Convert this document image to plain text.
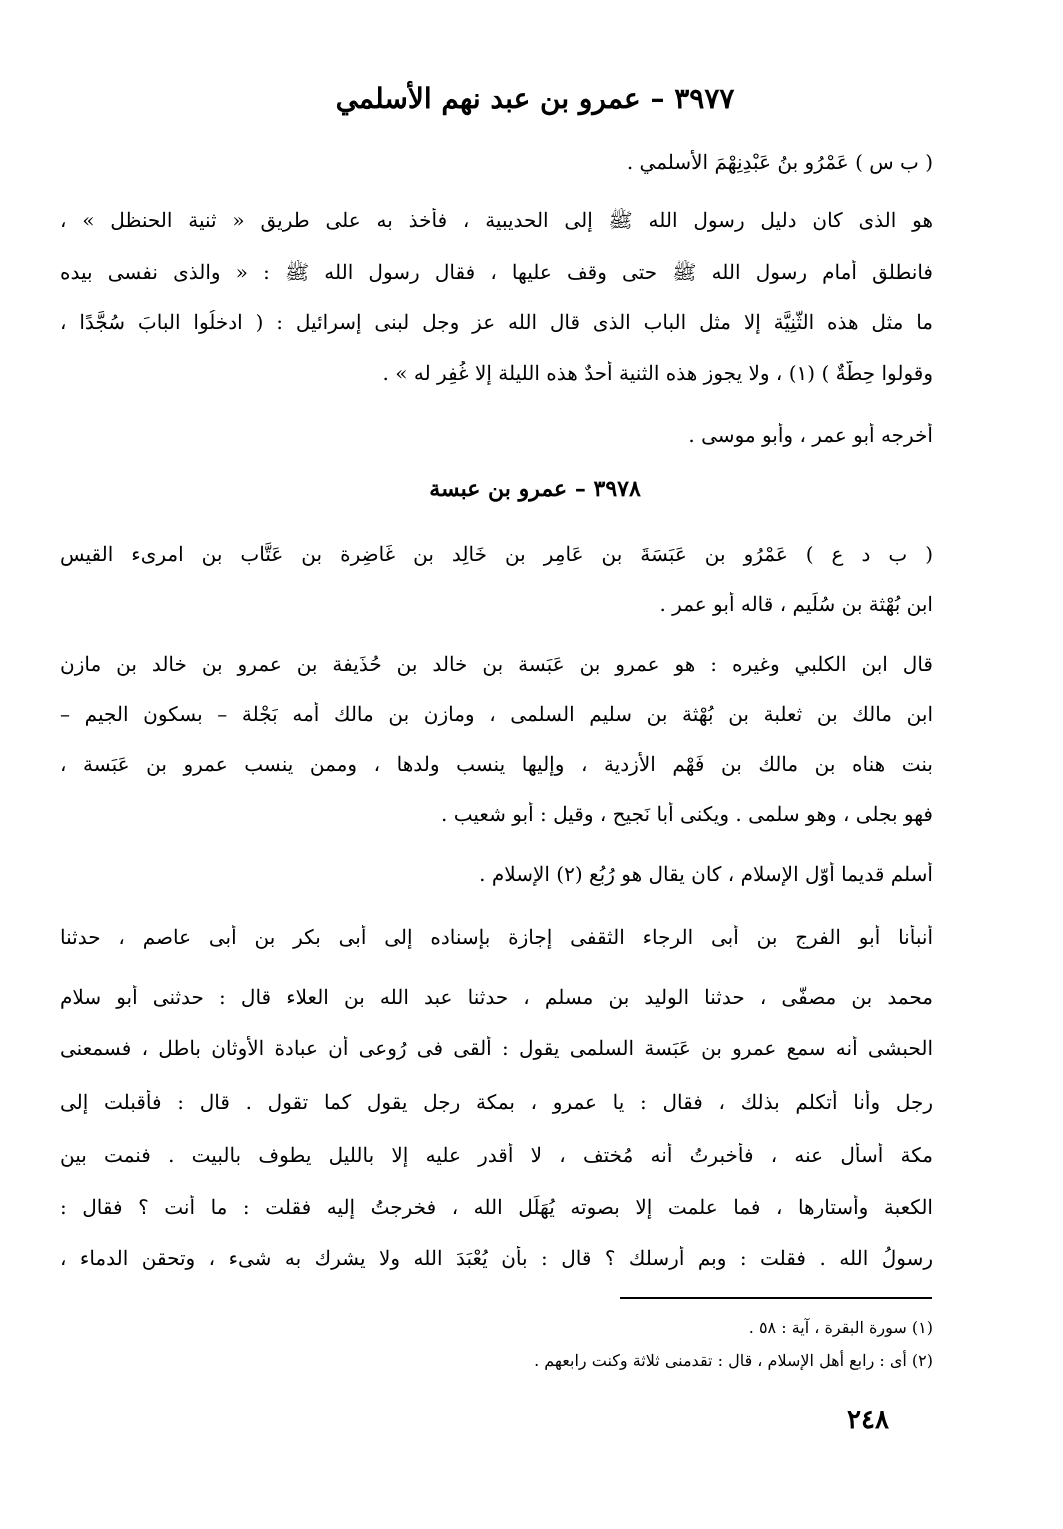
٣٩٧٧ – عمرو بن عبد نهم الأسلمي
( ب س ) عَمْرُو بنُ عَبْدِنِهْمَ الأسلمي .
هو الذى كان دليل رسول الله ﷺ إلى الحديبية ، فأخذ به على طريق « ثنية الحنظل » ،
فانطلق أمام رسول الله ﷺ حتى وقف عليها ، فقال رسول الله ﷺ : « والذى نفسى بيده
ما مثل هذه الثَّنِيَّة إلا مثل الباب الذى قال الله عز وجل لبنى إسرائيل : ( ادخلُوا البابَ سُجَّدًا ،
وقولوا حِطَّةٌ ) (١) ، ولا يجوز هذه الثنية أحدٌ هذه الليلة إلا غُفِر له » .
أخرجه أبو عمر ، وأبو موسى .
٣٩٧٨ – عمرو بن عبسة
( ب د ع ) عَمْرُو بن عَبَسَةَ بن عَامِر بن خَالِد بن غَاضِرة بن عَتَّاب بن امرىء القيس
ابن بُهْثة بن سُلَيم ، قاله أبو عمر .
قال ابن الكلبي وغيره : هو عمرو بن عَبَسة بن خالد بن حُذَيفة بن عمرو بن خالد بن مازن
ابن مالك بن ثعلبة بن بُهْثة بن سليم السلمى ، ومازن بن مالك أمه بَجْلة – بسكون الجيم –
بنت هناه بن مالك بن فَهْم الأزدية ، وإليها ينسب ولدها ، وممن ينسب عمرو بن عَبَسة ،
فهو بجلى ، وهو سلمى . ويكنى أبا نَجيح ، وقيل : أبو شعيب .
أسلم قديما أوّل الإسلام ، كان يقال هو رُبُع (٢) الإسلام .
أنبأنا أبو الفرج بن أبى الرجاء الثقفى إجازة بإسناده إلى أبى بكر بن أبى عاصم ، حدثنا
محمد بن مصفّى ، حدثنا الوليد بن مسلم ، حدثنا عبد الله بن العلاء قال : حدثنى أبو سلام
الحبشى أنه سمع عمرو بن عَبَسة السلمى يقول : ألقى فى رُوعى أن عبادة الأوثان باطل ، فسمعنى
رجل وأنا أتكلم بذلك ، فقال : يا عمرو ، بمكة رجل يقول كما تقول . قال : فأقبلت إلى
مكة أسأل عنه ، فأخبرتُ أنه مُختف ، لا أقدر عليه إلا بالليل يطوف بالبيت . فنمت بين
الكعبة وأستارها ، فما علمت إلا بصوته يُهَلِّل الله ، فخرجتُ إليه فقلت : ما أنت ؟ فقال :
رسولُ الله . فقلت : وبم أرسلك ؟ قال : بأن يُعْبَدَ الله ولا يشرك به شىء ، وتحقن الدماء ،
(١) سورة البقرة ، آية : ٥٨ .
(٢) أى : رابع أهل الإسلام ، قال : تقدمنى ثلاثة وكنت رابعهم .
٢٤٨
